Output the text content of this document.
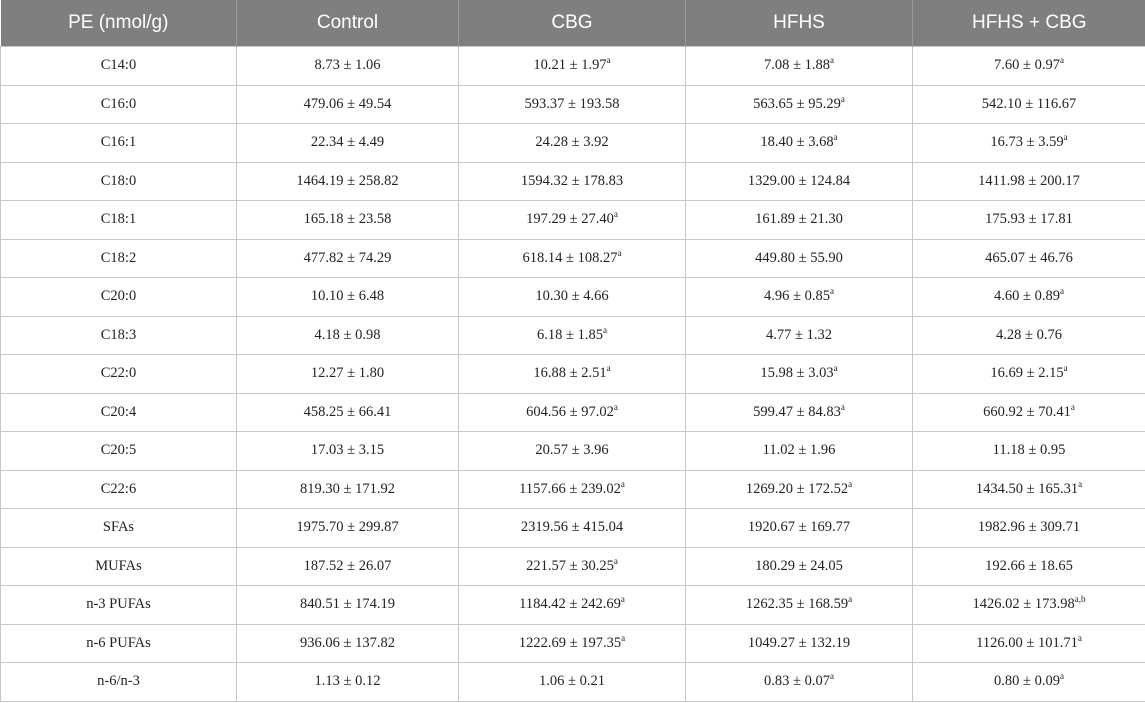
PE (nmol/g)	Control	CBG	HFHS	HFHS + CBG
C14:0	8.73 ± 1.06	10.21 ± 1.97$^a$	7.08 ± 1.88$^a$	7.60 ± 0.97$^a$
C16:0	479.06 ± 49.54	593.37 ± 193.58	563.65 ± 95.29$^a$	542.10 ± 116.67
C16:1	22.34 ± 4.49	24.28 ± 3.92	18.40 ± 3.68$^a$	16.73 ± 3.59$^a$
C18:0	1464.19 ± 258.82	1594.32 ± 178.83	1329.00 ± 124.84	1411.98 ± 200.17
C18:1	165.18 ± 23.58	197.29 ± 27.40$^a$	161.89 ± 21.30	175.93 ± 17.81
C18:2	477.82 ± 74.29	618.14 ± 108.27$^a$	449.80 ± 55.90	465.07 ± 46.76
C20:0	10.10 ± 6.48	10.30 ± 4.66	4.96 ± 0.85$^a$	4.60 ± 0.89$^a$
C18:3	4.18 ± 0.98	6.18 ± 1.85$^a$	4.77 ± 1.32	4.28 ± 0.76
C22:0	12.27 ± 1.80	16.88 ± 2.51$^a$	15.98 ± 3.03$^a$	16.69 ± 2.15$^a$
C20:4	458.25 ± 66.41	604.56 ± 97.02$^a$	599.47 ± 84.83$^a$	660.92 ± 70.41$^a$
C20:5	17.03 ± 3.15	20.57 ± 3.96	11.02 ± 1.96	11.18 ± 0.95
C22:6	819.30 ± 171.92	1157.66 ± 239.02$^a$	1269.20 ± 172.52$^a$	1434.50 ± 165.31$^a$
SFAs	1975.70 ± 299.87	2319.56 ± 415.04	1920.67 ± 169.77	1982.96 ± 309.71
MUFAs	187.52 ± 26.07	221.57 ± 30.25$^a$	180.29 ± 24.05	192.66 ± 18.65
n-3 PUFAs	840.51 ± 174.19	1184.42 ± 242.69$^a$	1262.35 ± 168.59$^a$	$1426.02 \pm 173.98^{a,b}$
n-6 PUFAs	936.06 ± 137.82	1222.69 ± 197.35$^a$	1049.27 ± 132.19	1126.00 ± 101.71$^a$
n-6/n-3	1.13 ± 0.12	1.06 ± 0.21	0.83 ± 0.07$^a$	0.80 ± 0.09$^a$
